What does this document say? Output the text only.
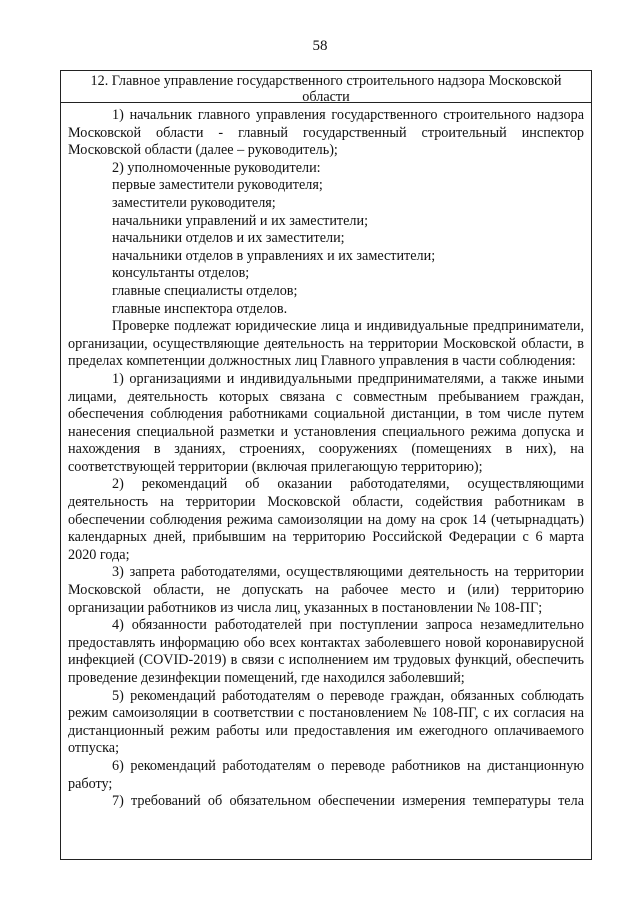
58
12. Главное управление государственного строительного надзора Московской области
1) начальник главного управления государственного строительного надзора Московской области - главный государственный строительный инспектор Московской области (далее – руководитель);
2) уполномоченные руководители:
первые заместители руководителя;
заместители руководителя;
начальники управлений и их заместители;
начальники отделов и их заместители;
начальники отделов в управлениях и их заместители;
консультанты отделов;
главные специалисты отделов;
главные инспектора отделов.
Проверке подлежат юридические лица и индивидуальные предприниматели, организации, осуществляющие деятельность на территории Московской области, в пределах компетенции должностных лиц Главного управления в части соблюдения:
1) организациями и индивидуальными предпринимателями, а также иными лицами, деятельность которых связана с совместным пребыванием граждан, обеспечения соблюдения работниками социальной дистанции, в том числе путем нанесения специальной разметки и установления специального режима допуска и нахождения в зданиях, строениях, сооружениях (помещениях в них), на соответствующей территории (включая прилегающую территорию);
2) рекомендаций об оказании работодателями, осуществляющими деятельность на территории Московской области, содействия работникам в обеспечении соблюдения режима самоизоляции на дому на срок 14 (четырнадцать) календарных дней, прибывшим на территорию Российской Федерации с 6 марта 2020 года;
3) запрета работодателями, осуществляющими деятельность на территории Московской области, не допускать на рабочее место и (или) территорию организации работников из числа лиц, указанных в постановлении № 108-ПГ;
4) обязанности работодателей при поступлении запроса незамедлительно предоставлять информацию обо всех контактах заболевшего новой коронавирусной инфекцией (COVID-2019) в связи с исполнением им трудовых функций, обеспечить проведение дезинфекции помещений, где находился заболевший;
5) рекомендаций работодателям о переводе граждан, обязанных соблюдать режим самоизоляции в соответствии с постановлением № 108-ПГ, с их согласия на дистанционный режим работы или предоставления им ежегодного оплачиваемого отпуска;
6) рекомендаций работодателям о переводе работников на дистанционную работу;
7) требований об обязательном обеспечении измерения температуры тела
